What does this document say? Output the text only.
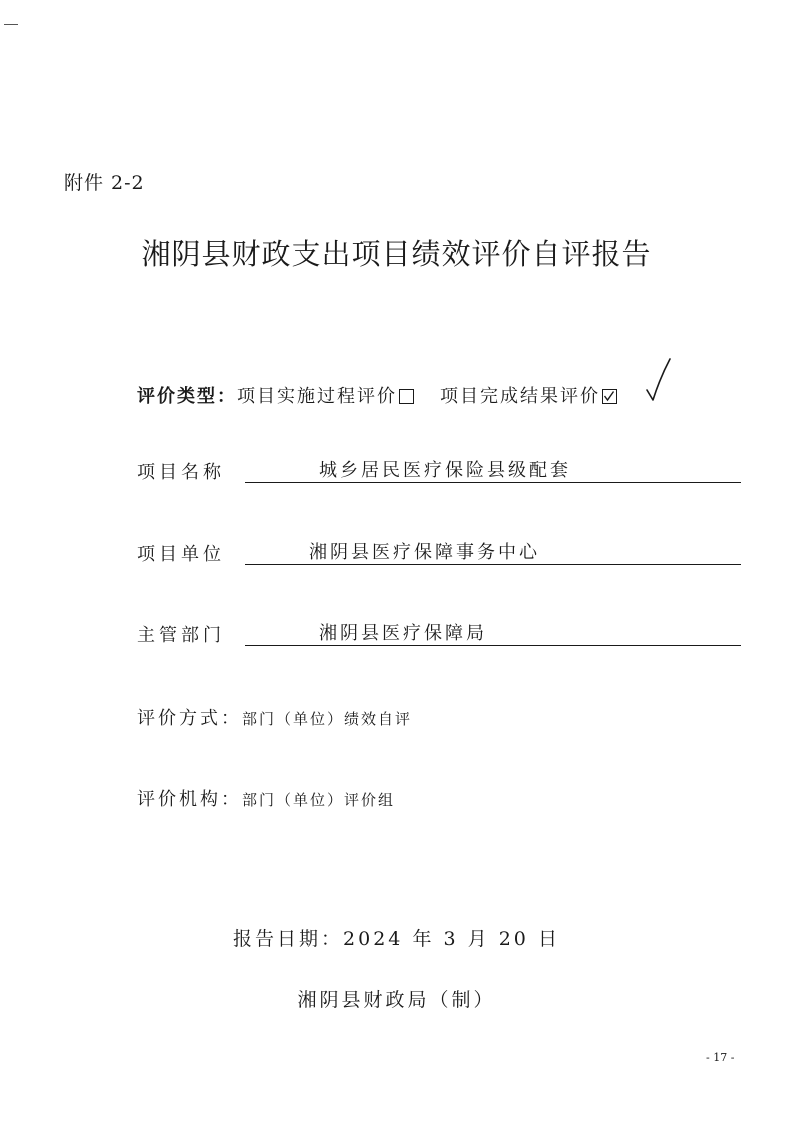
附件 2-2
湘阴县财政支出项目绩效评价自评报告
评价类型：项目实施过程评价 项目完成结果评价
项目名称	城乡居民医疗保险县级配套
项目单位	湘阴县医疗保障事务中心
主管部门	湘阴县医疗保障局
评价方式：部门（单位）绩效自评
评价机构：部门（单位）评价组
报告日期：2024 年 3 月 20 日
湘阴县财政局（制）
- 17 -
